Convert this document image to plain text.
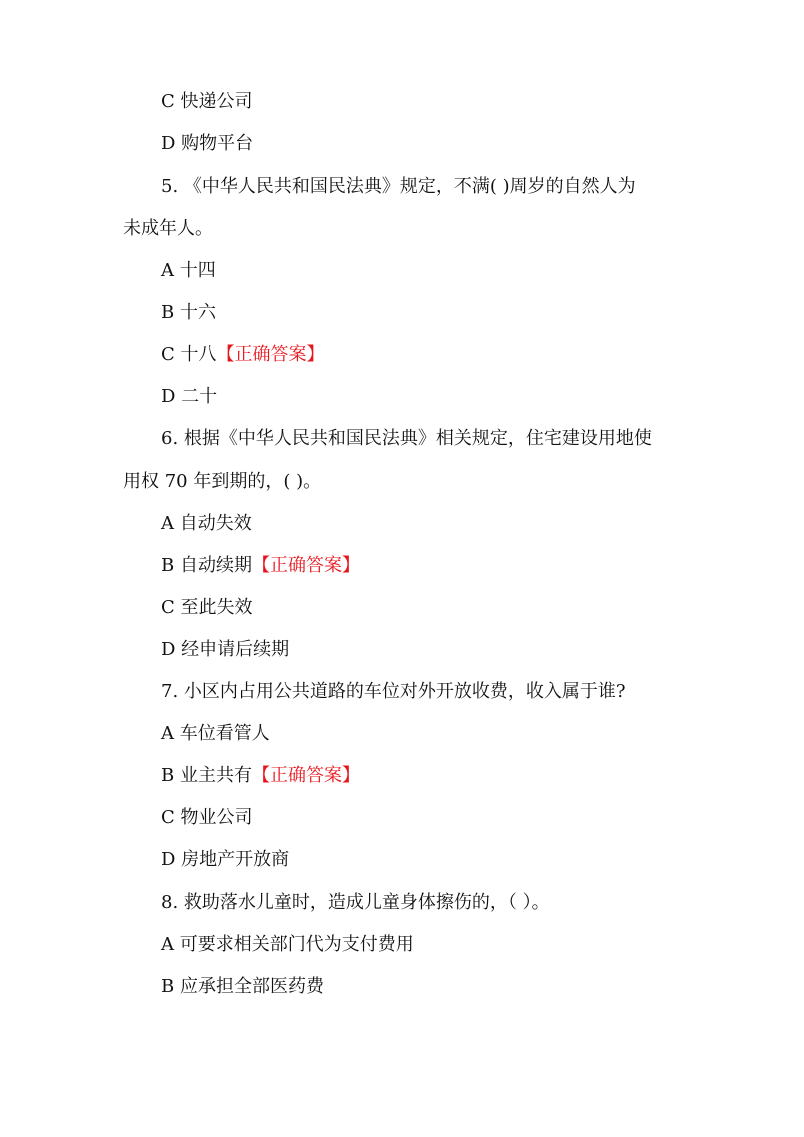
C 快递公司
D 购物平台
5. 《中华人民共和国民法典》规定，不满( )周岁的自然人为
未成年人。
A 十四
B 十六
C 十八【正确答案】
D 二十
6. 根据《中华人民共和国民法典》相关规定，住宅建设用地使
用权 70 年到期的，( )。
A 自动失效
B 自动续期【正确答案】
C 至此失效
D 经申请后续期
7. 小区内占用公共道路的车位对外开放收费，收入属于谁?
A 车位看管人
B 业主共有【正确答案】
C 物业公司
D 房地产开放商
8. 救助落水儿童时，造成儿童身体擦伤的，（ ）。
A 可要求相关部门代为支付费用
B 应承担全部医药费
